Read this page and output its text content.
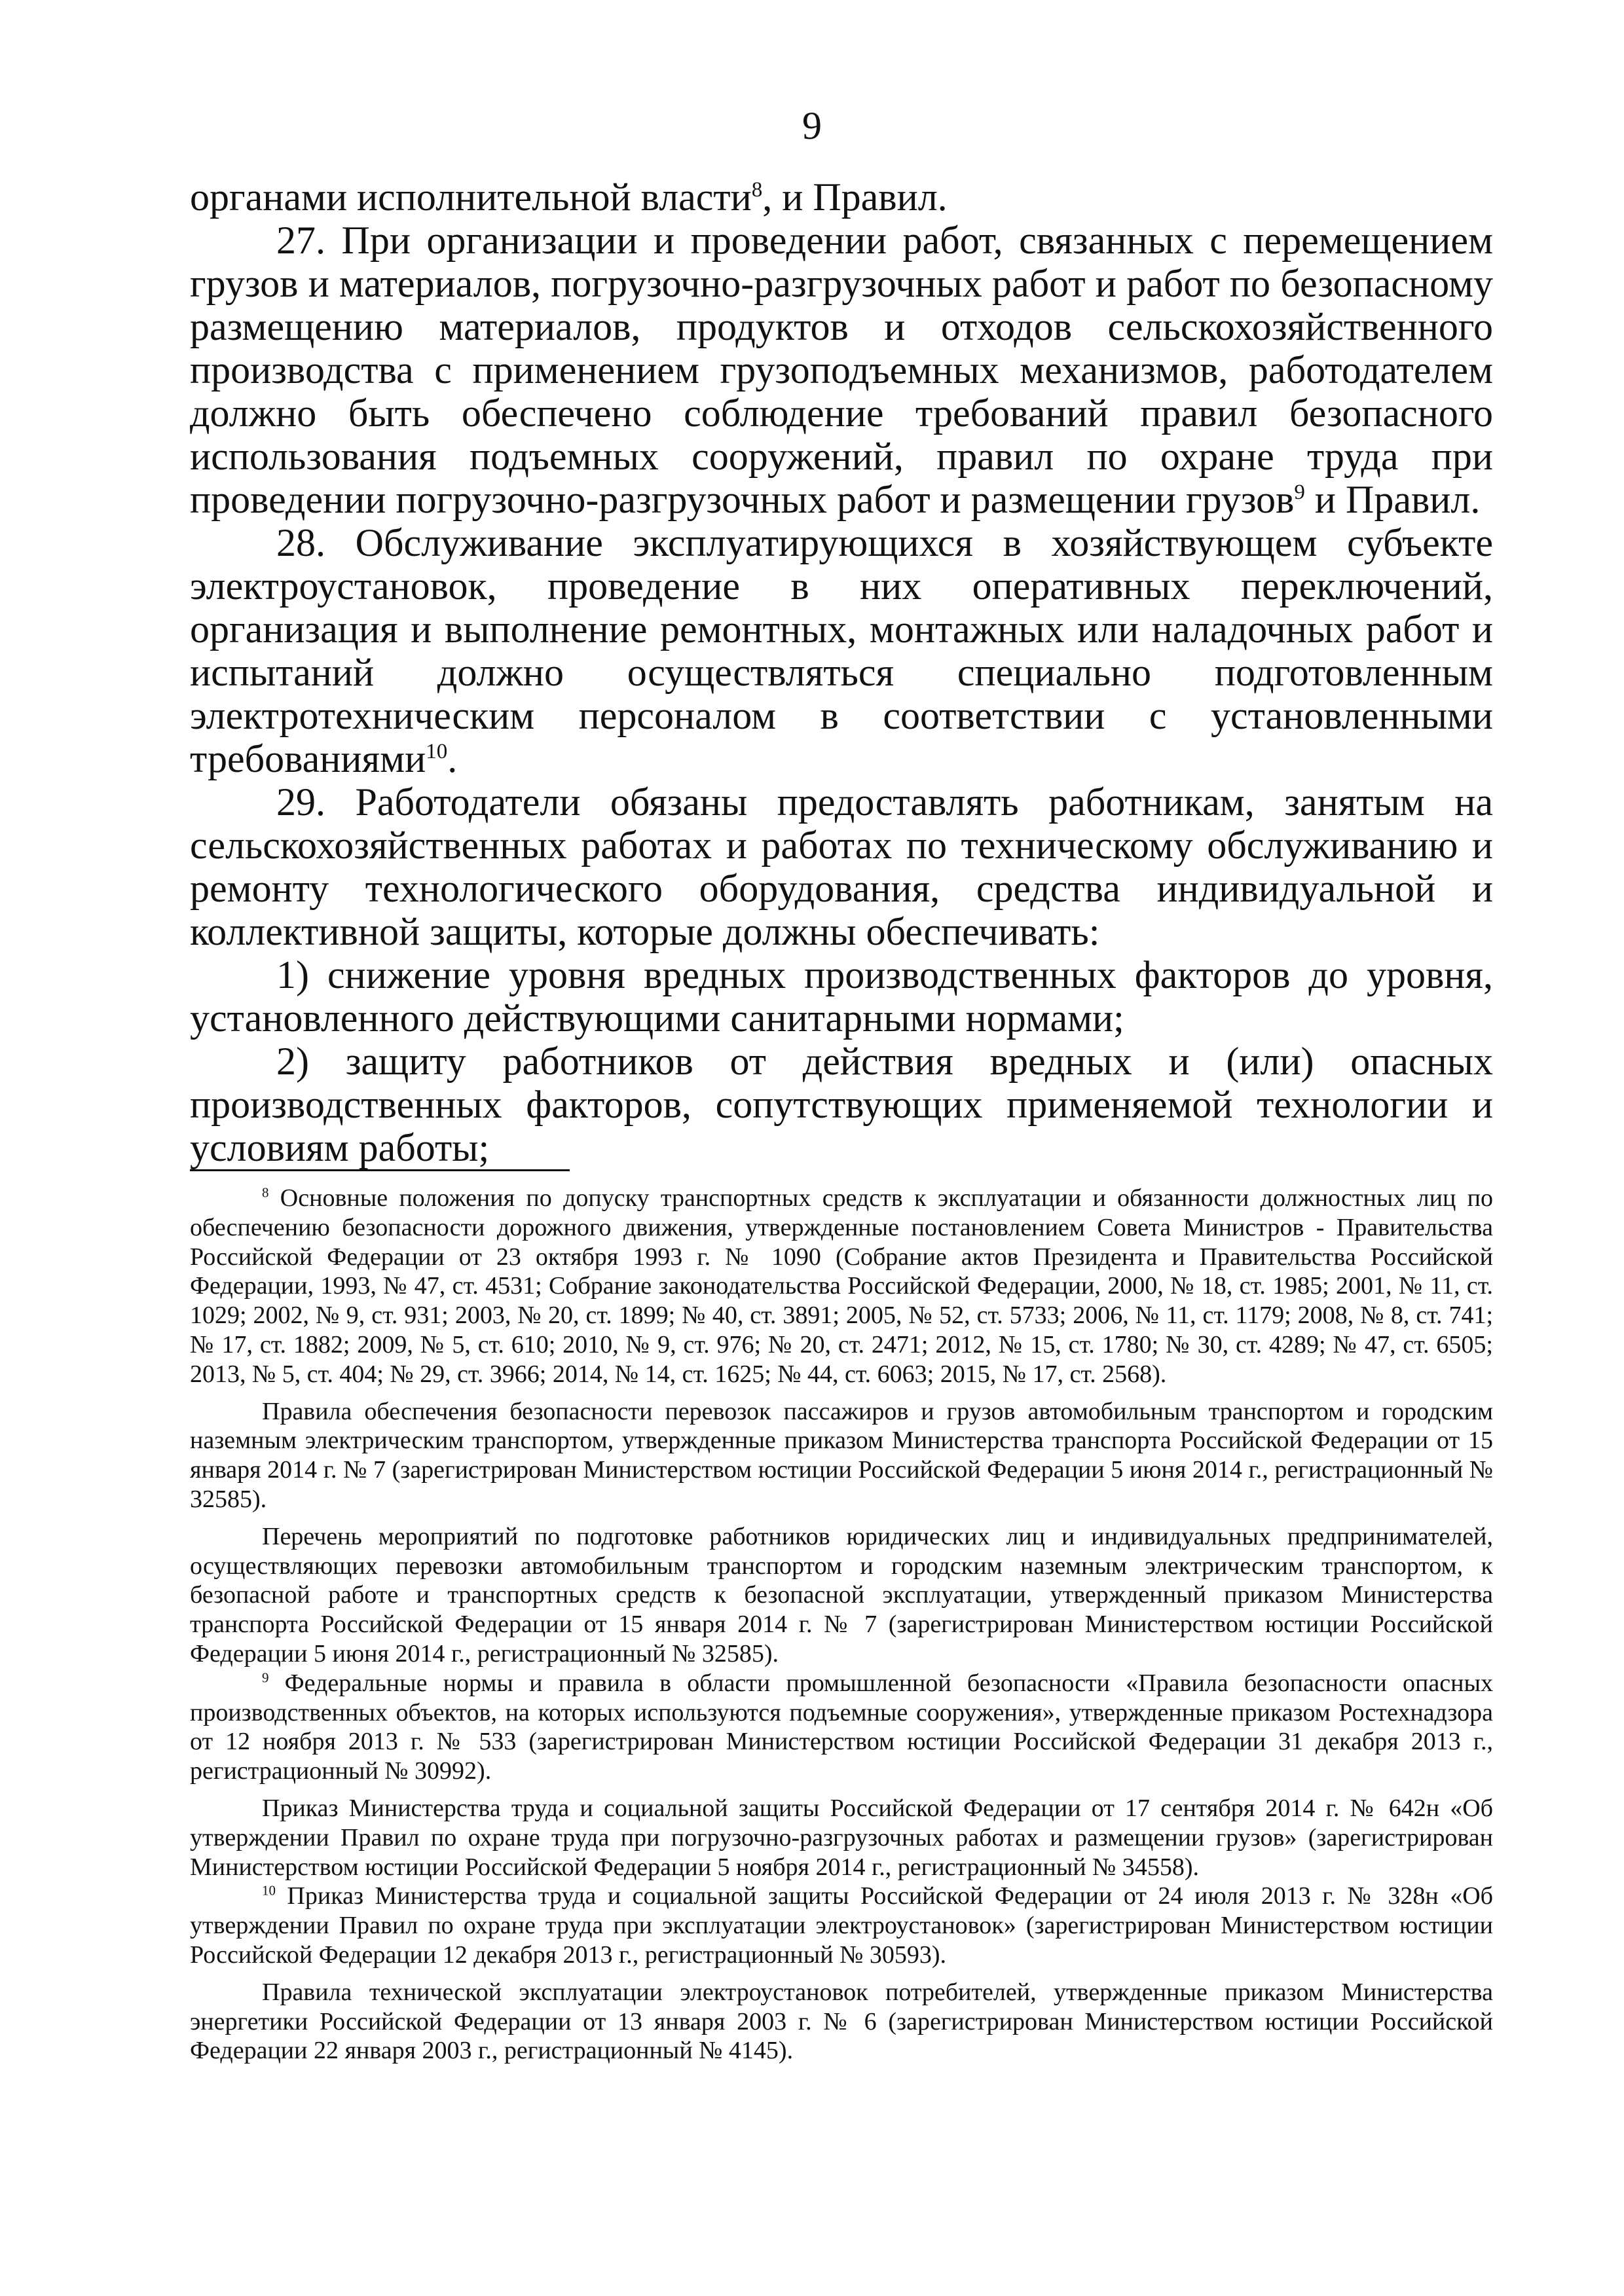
9

органами исполнительной власти$^8$, и Правил.

27. При организации и проведении работ, связанных с перемещением грузов и материалов, погрузочно-разгрузочных работ и работ по безопасному размещению материалов, продуктов и отходов сельскохозяйственного производства с применением грузоподъемных механизмов, работодателем должно быть обеспечено соблюдение требований правил безопасного использования подъемных сооружений, правил по охране труда при проведении погрузочно-разгрузочных работ и размещении грузов$^9$ и Правил.

28. Обслуживание эксплуатирующихся в хозяйствующем субъекте электроустановок, проведение в них оперативных переключений, организация и выполнение ремонтных, монтажных или наладочных работ и испытаний должно осуществляться специально подготовленным электротехническим персоналом в соответствии с установленными требованиями$^{10}$.

29. Работодатели обязаны предоставлять работникам, занятым на сельскохозяйственных работах и работах по техническому обслуживанию и ремонту технологического оборудования, средства индивидуальной и коллективной защиты, которые должны обеспечивать:

1) снижение уровня вредных производственных факторов до уровня, установленного действующими санитарными нормами;

2) защиту работников от действия вредных и (или) опасных производственных факторов, сопутствующих применяемой технологии и условиям работы;

$^8$ Основные положения по допуску транспортных средств к эксплуатации и обязанности должностных лиц по обеспечению безопасности дорожного движения, утвержденные постановлением Совета Министров - Правительства Российской Федерации от 23 октября 1993 г. № 1090 (Собрание актов Президента и Правительства Российской Федерации, 1993, № 47, ст. 4531; Собрание законодательства Российской Федерации, 2000, № 18, ст. 1985; 2001, № 11, ст. 1029; 2002, № 9, ст. 931; 2003, № 20, ст. 1899; № 40, ст. 3891; 2005, № 52, ст. 5733; 2006, № 11, ст. 1179; 2008, № 8, ст. 741; № 17, ст. 1882; 2009, № 5, ст. 610; 2010, № 9, ст. 976; № 20, ст. 2471; 2012, № 15, ст. 1780; № 30, ст. 4289; № 47, ст. 6505; 2013, № 5, ст. 404; № 29, ст. 3966; 2014, № 14, ст. 1625; № 44, ст. 6063; 2015, № 17, ст. 2568).

Правила обеспечения безопасности перевозок пассажиров и грузов автомобильным транспортом и городским наземным электрическим транспортом, утвержденные приказом Министерства транспорта Российской Федерации от 15 января 2014 г. № 7 (зарегистрирован Министерством юстиции Российской Федерации 5 июня 2014 г., регистрационный № 32585).

Перечень мероприятий по подготовке работников юридических лиц и индивидуальных предпринимателей, осуществляющих перевозки автомобильным транспортом и городским наземным электрическим транспортом, к безопасной работе и транспортных средств к безопасной эксплуатации, утвержденный приказом Министерства транспорта Российской Федерации от 15 января 2014 г. № 7 (зарегистрирован Министерством юстиции Российской Федерации 5 июня 2014 г., регистрационный № 32585).

$^9$ Федеральные нормы и правила в области промышленной безопасности «Правила безопасности опасных производственных объектов, на которых используются подъемные сооружения», утвержденные приказом Ростехнадзора от 12 ноября 2013 г. № 533 (зарегистрирован Министерством юстиции Российской Федерации 31 декабря 2013 г., регистрационный № 30992).

Приказ Министерства труда и социальной защиты Российской Федерации от 17 сентября 2014 г. № 642н «Об утверждении Правил по охране труда при погрузочно-разгрузочных работах и размещении грузов» (зарегистрирован Министерством юстиции Российской Федерации 5 ноября 2014 г., регистрационный № 34558).

$^{10}$ Приказ Министерства труда и социальной защиты Российской Федерации от 24 июля 2013 г. № 328н «Об утверждении Правил по охране труда при эксплуатации электроустановок» (зарегистрирован Министерством юстиции Российской Федерации 12 декабря 2013 г., регистрационный № 30593).

Правила технической эксплуатации электроустановок потребителей, утвержденные приказом Министерства энергетики Российской Федерации от 13 января 2003 г. № 6 (зарегистрирован Министерством юстиции Российской Федерации 22 января 2003 г., регистрационный № 4145).
